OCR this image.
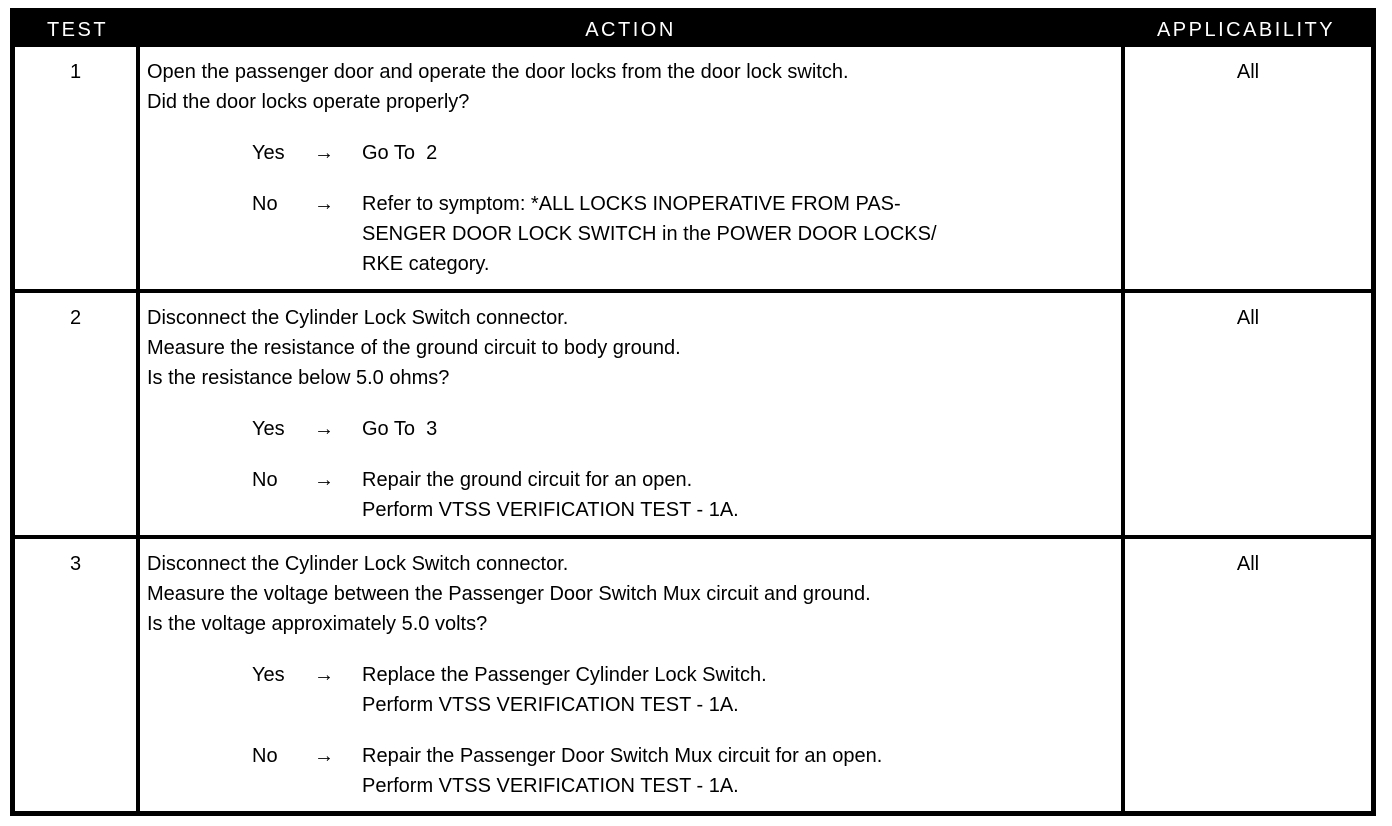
TEST	ACTION	APPLICABILITY
1	Open the passenger door and operate the door locks from the door lock switch.
Did the door locks operate properly?
Yes	→	Go To  2
No	→	Refer to symptom: *ALL LOCKS INOPERATIVE FROM PAS-
SENGER DOOR LOCK SWITCH in the POWER DOOR LOCKS/
RKE category.
All
2	Disconnect the Cylinder Lock Switch connector.
Measure the resistance of the ground circuit to body ground.
Is the resistance below 5.0 ohms?
Yes	→	Go To  3
No	→	Repair the ground circuit for an open.
Perform VTSS VERIFICATION TEST - 1A.
All
3	Disconnect the Cylinder Lock Switch connector.
Measure the voltage between the Passenger Door Switch Mux circuit and ground.
Is the voltage approximately 5.0 volts?
Yes	→	Replace the Passenger Cylinder Lock Switch.
Perform VTSS VERIFICATION TEST - 1A.
No	→	Repair the Passenger Door Switch Mux circuit for an open.
Perform VTSS VERIFICATION TEST - 1A.
All
